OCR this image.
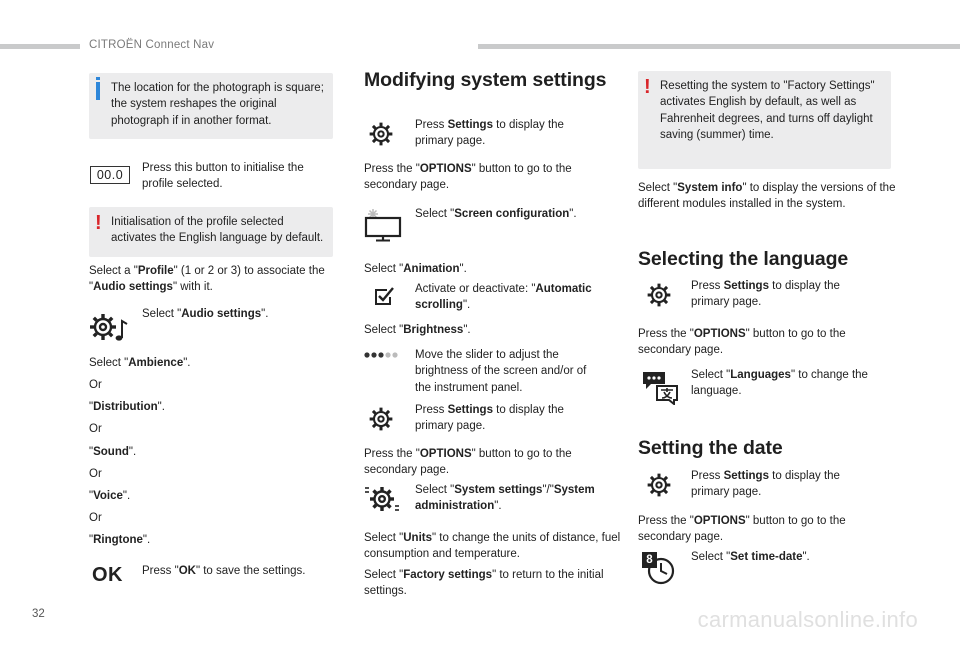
CITROËN Connect Nav
The location for the photograph is square; the system reshapes the original photograph if in another format.
00.0	Press this button to initialise the profile selected.
! Initialisation of the profile selected activates the English language by default.
Select a "Profile" (1 or 2 or 3) to associate the "Audio settings" with it.
Select "Audio settings".
Select "Ambience".
Or
"Distribution".
Or
"Sound".
Or
"Voice".
Or
"Ringtone".
OK Press "OK" to save the settings.
Modifying system settings
Press Settings to display the primary page.
Press the "OPTIONS" button to go to the secondary page.
Select "Screen configuration".
Select "Animation".
Activate or deactivate: "Automatic scrolling".
Select "Brightness".
Move the slider to adjust the brightness of the screen and/or of the instrument panel.
Press Settings to display the primary page.
Press the "OPTIONS" button to go to the secondary page.
Select "System settings"/"System administration".
Select "Units" to change the units of distance, fuel consumption and temperature.
Select "Factory settings" to return to the initial settings.
! Resetting the system to "Factory Settings" activates English by default, as well as Fahrenheit degrees, and turns off daylight saving (summer) time.
Select "System info" to display the versions of the different modules installed in the system.
Selecting the language
Press Settings to display the primary page.
Press the "OPTIONS" button to go to the secondary page.
Select "Languages" to change the language.
Setting the date
Press Settings to display the primary page.
Press the "OPTIONS" button to go to the secondary page.
8	Select "Set time-date".
32	carmanualsonline.info
